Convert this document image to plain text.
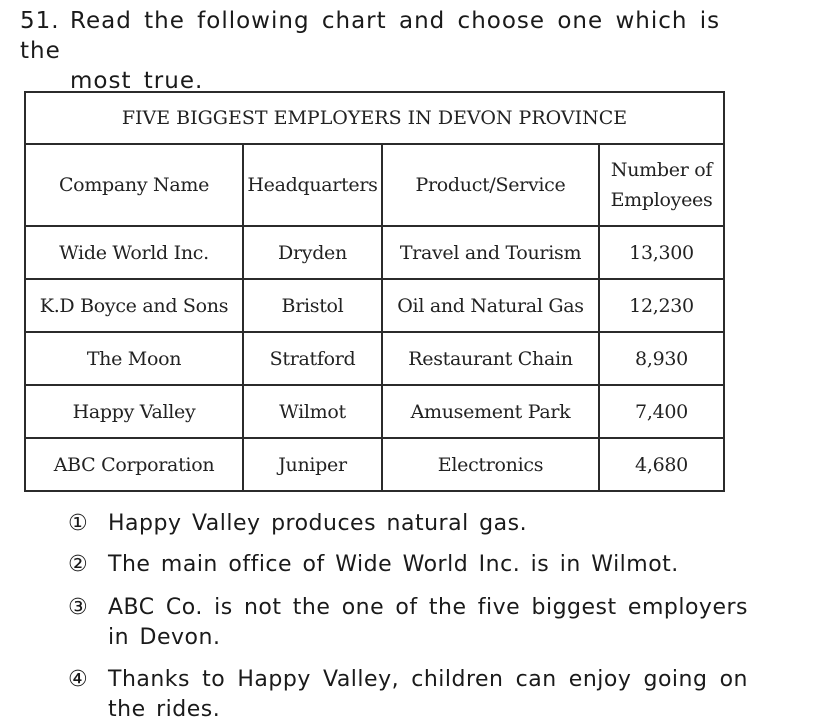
51. Read the following chart and choose one which is the
most true.
FIVE BIGGEST EMPLOYERS IN DEVON PROVINCE			
Company Name	Headquarters	Product/Service	Number of
Employees
Wide World Inc.	Dryden	Travel and Tourism	13,300
K.D Boyce and Sons	Bristol	Oil and Natural Gas	12,230
The Moon	Stratford	Restaurant Chain	8,930
Happy Valley	Wilmot	Amusement Park	7,400
ABC Corporation	Juniper	Electronics	4,680
① Happy Valley produces natural gas.
② The main office of Wide World Inc. is in Wilmot.
③ ABC Co. is not the one of the five biggest employers in Devon.
④ Thanks to Happy Valley, children can enjoy going on the rides.
